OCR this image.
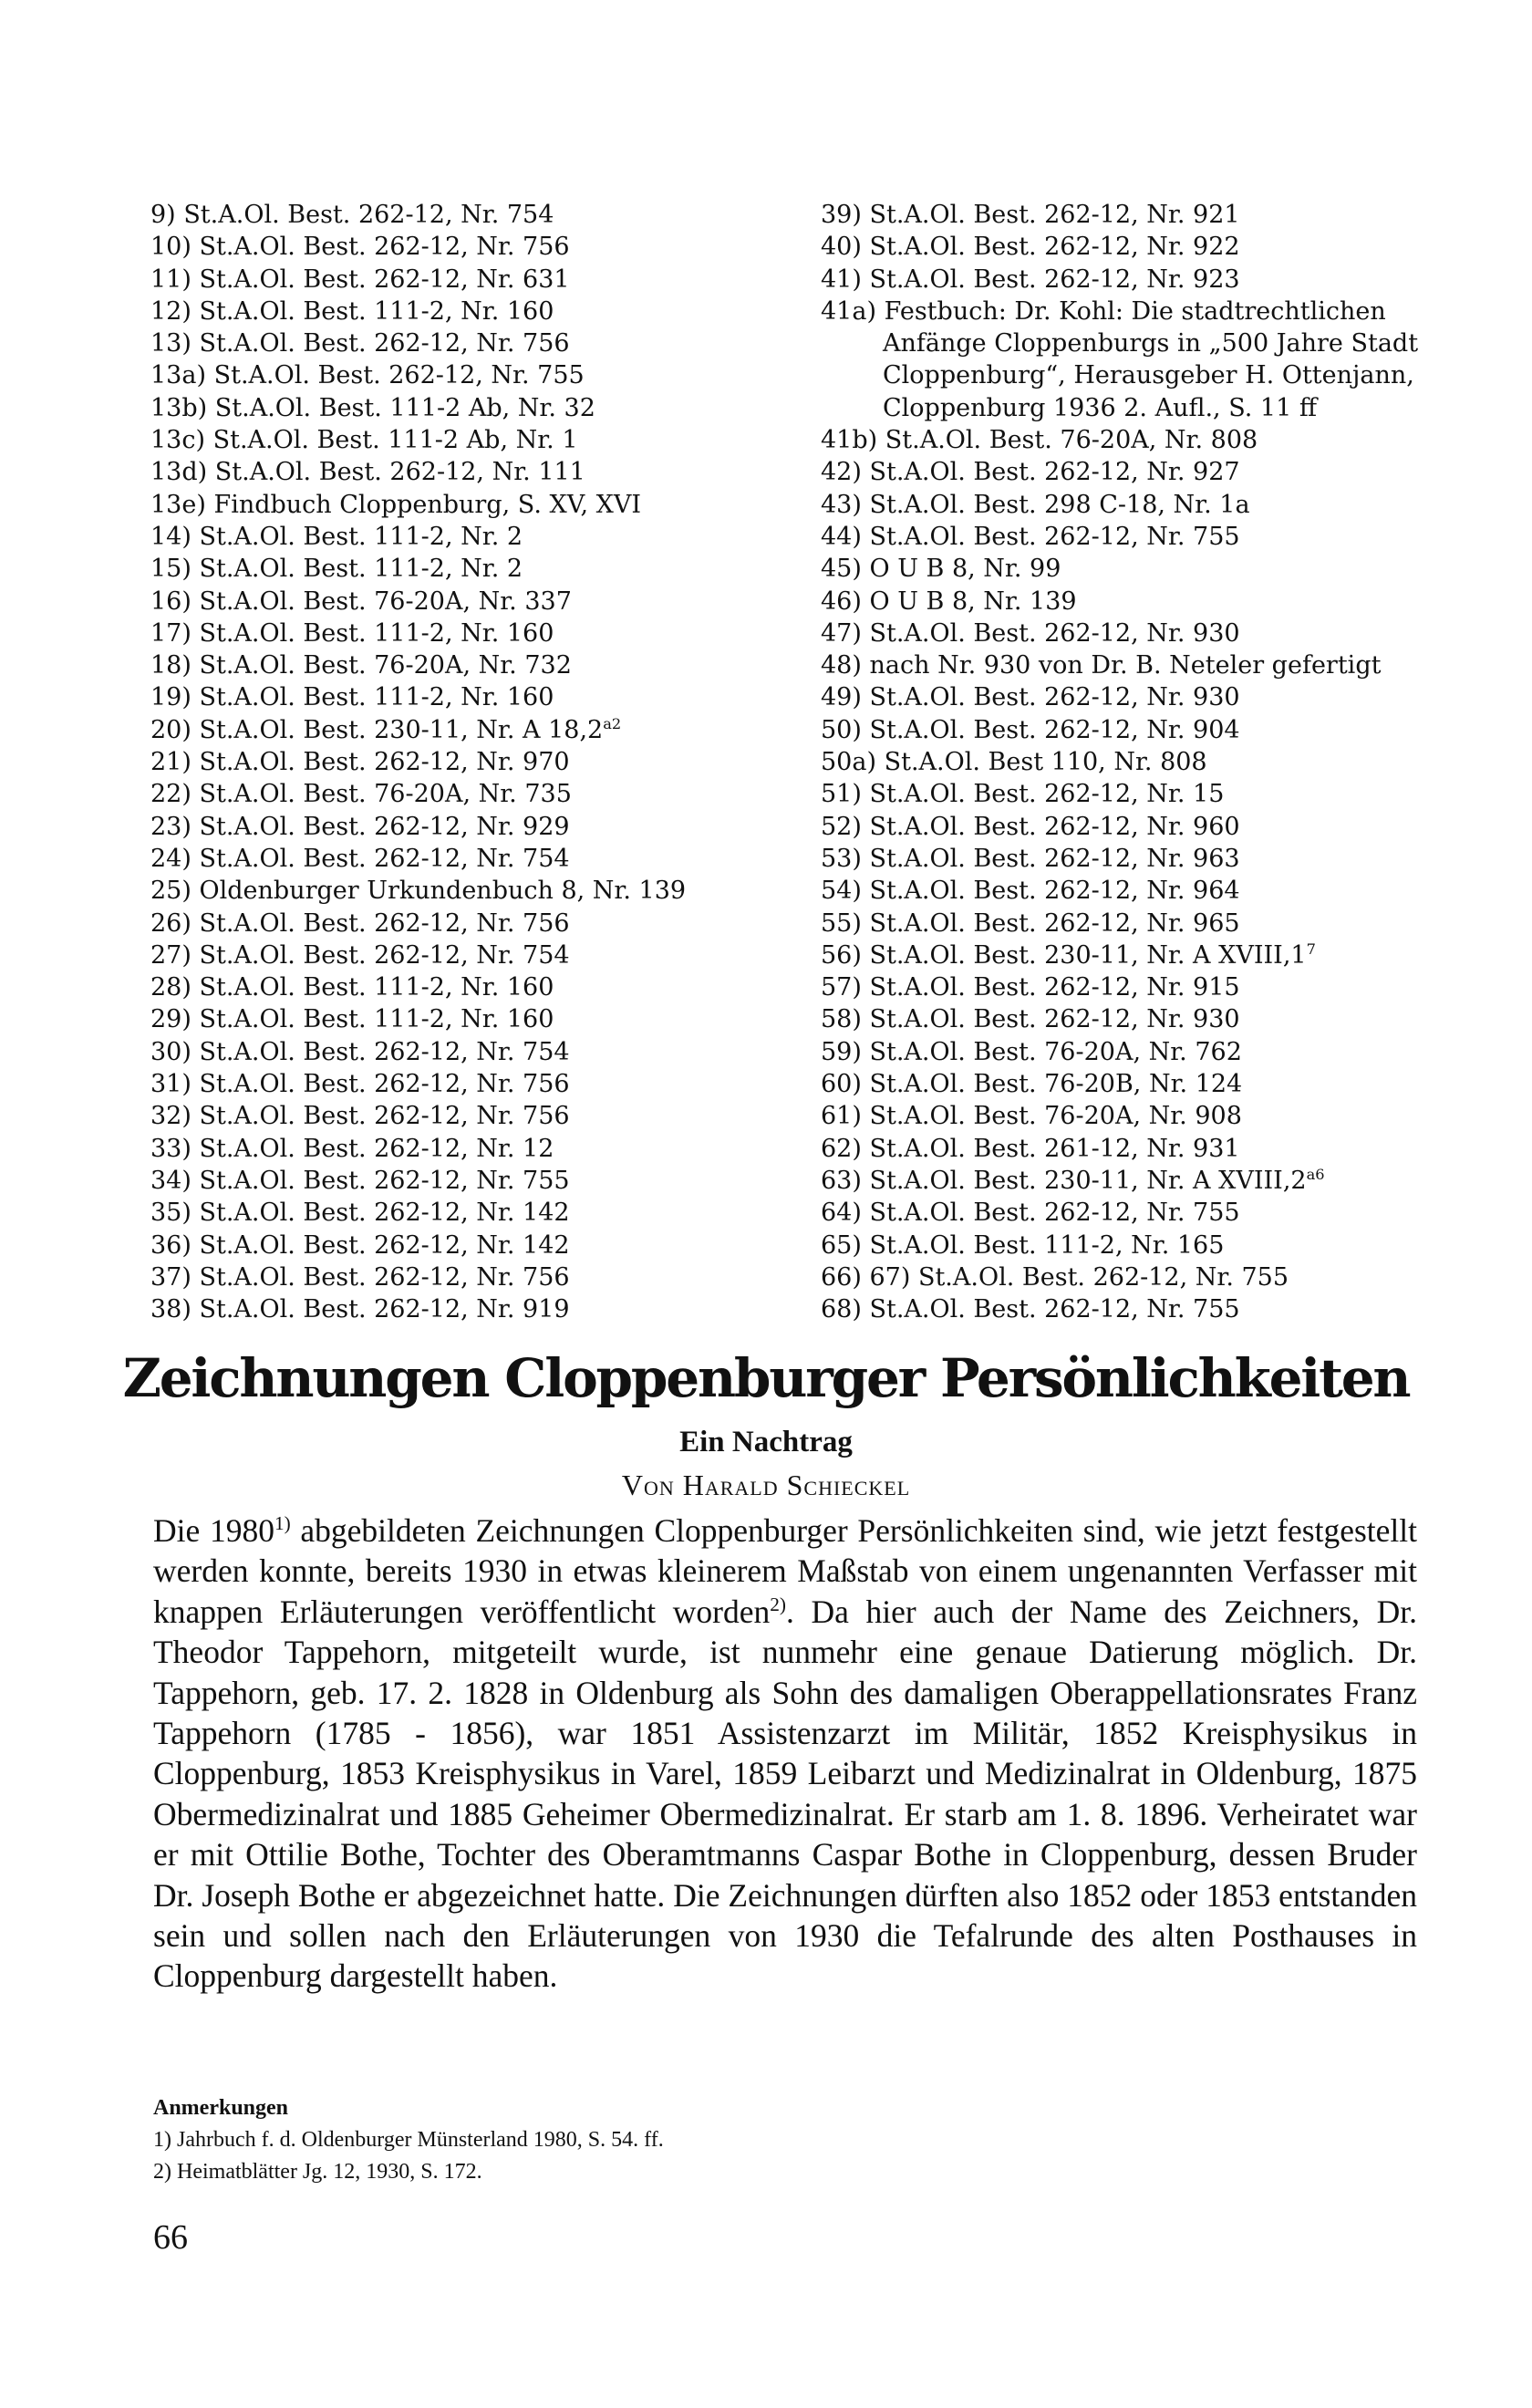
9) St.A.Ol. Best. 262-12, Nr. 754
10) St.A.Ol. Best. 262-12, Nr. 756
11) St.A.Ol. Best. 262-12, Nr. 631
12) St.A.Ol. Best. 111-2, Nr. 160
13) St.A.Ol. Best. 262-12, Nr. 756
13a) St.A.Ol. Best. 262-12, Nr. 755
13b) St.A.Ol. Best. 111-2 Ab, Nr. 32
13c) St.A.Ol. Best. 111-2 Ab, Nr. 1
13d) St.A.Ol. Best. 262-12, Nr. 111
13e) Findbuch Cloppenburg, S. XV, XVI
14) St.A.Ol. Best. 111-2, Nr. 2
15) St.A.Ol. Best. 111-2, Nr. 2
16) St.A.Ol. Best. 76-20A, Nr. 337
17) St.A.Ol. Best. 111-2, Nr. 160
18) St.A.Ol. Best. 76-20A, Nr. 732
19) St.A.Ol. Best. 111-2, Nr. 160
20) St.A.Ol. Best. 230-11, Nr. A $18,2^{a2}$
21) St.A.Ol. Best. 262-12, Nr. 970
22) St.A.Ol. Best. 76-20A, Nr. 735
23) St.A.Ol. Best. 262-12, Nr. 929
24) St.A.Ol. Best. 262-12, Nr. 754
25) Oldenburger Urkundenbuch 8, Nr. 139
26) St.A.Ol. Best. 262-12, Nr. 756
27) St.A.Ol. Best. 262-12, Nr. 754
28) St.A.Ol. Best. 111-2, Nr. 160
29) St.A.Ol. Best. 111-2, Nr. 160
30) St.A.Ol. Best. 262-12, Nr. 754
31) St.A.Ol. Best. 262-12, Nr. 756
32) St.A.Ol. Best. 262-12, Nr. 756
33) St.A.Ol. Best. 262-12, Nr. 12
34) St.A.Ol. Best. 262-12, Nr. 755
35) St.A.Ol. Best. 262-12, Nr. 142
36) St.A.Ol. Best. 262-12, Nr. 142
37) St.A.Ol. Best. 262-12, Nr. 756
38) St.A.Ol. Best. 262-12, Nr. 919
39) St.A.Ol. Best. 262-12, Nr. 921
40) St.A.Ol. Best. 262-12, Nr. 922
41) St.A.Ol. Best. 262-12, Nr. 923
41a) Festbuch: Dr. Kohl: Die stadtrechtlichen
Anfänge Cloppenburgs in „500 Jahre Stadt
Cloppenburg“, Herausgeber H. Ottenjann,
Cloppenburg 1936 2. Aufl., S. 11 ff
41b) St.A.Ol. Best. 76-20A, Nr. 808
42) St.A.Ol. Best. 262-12, Nr. 927
43) St.A.Ol. Best. 298 C-18, Nr. 1a
44) St.A.Ol. Best. 262-12, Nr. 755
45) O U B 8, Nr. 99
46) O U B 8, Nr. 139
47) St.A.Ol. Best. 262-12, Nr. 930
48) nach Nr. 930 von Dr. B. Neteler gefertigt
49) St.A.Ol. Best. 262-12, Nr. 930
50) St.A.Ol. Best. 262-12, Nr. 904
50a) St.A.Ol. Best 110, Nr. 808
51) St.A.Ol. Best. 262-12, Nr. 15
52) St.A.Ol. Best. 262-12, Nr. 960
53) St.A.Ol. Best. 262-12, Nr. 963
54) St.A.Ol. Best. 262-12, Nr. 964
55) St.A.Ol. Best. 262-12, Nr. 965
56) St.A.Ol. Best. 230-11, Nr. A $XVIII,1^7$
57) St.A.Ol. Best. 262-12, Nr. 915
58) St.A.Ol. Best. 262-12, Nr. 930
59) St.A.Ol. Best. 76-20A, Nr. 762
60) St.A.Ol. Best. 76-20B, Nr. 124
61) St.A.Ol. Best. 76-20A, Nr. 908
62) St.A.Ol. Best. 261-12, Nr. 931
63) St.A.Ol. Best. 230-11, Nr. A $XVIII,2^{a6}$
64) St.A.Ol. Best. 262-12, Nr. 755
65) St.A.Ol. Best. 111-2, Nr. 165
66) 67) St.A.Ol. Best. 262-12, Nr. 755
68) St.A.Ol. Best. 262-12, Nr. 755
Zeichnungen Cloppenburger Persönlichkeiten
Ein Nachtrag
Von Harald Schieckel
Die 1980$^{1)}$ abgebildeten Zeichnungen Cloppenburger Persönlichkeiten sind, wie jetzt festgestellt werden konnte, bereits 1930 in etwas kleinerem Maßstab von einem ungenannten Verfasser mit knappen Erläuterungen veröffentlicht worden$^{2)}$. Da hier auch der Name des Zeichners, Dr. Theodor Tappehorn, mitgeteilt wurde, ist nunmehr eine genaue Datierung möglich. Dr. Tappehorn, geb. 17. 2. 1828 in Oldenburg als Sohn des damaligen Oberappellationsrates Franz Tappehorn (1785 - 1856), war 1851 Assistenzarzt im Militär, 1852 Kreisphysikus in Cloppenburg, 1853 Kreisphysikus in Varel, 1859 Leibarzt und Medizinalrat in Oldenburg, 1875 Obermedizinalrat und 1885 Geheimer Obermedizinalrat. Er starb am 1. 8. 1896. Verheiratet war er mit Ottilie Bothe, Tochter des Oberamtmanns Caspar Bothe in Cloppenburg, dessen Bruder Dr. Joseph Bothe er abgezeichnet hatte. Die Zeichnungen dürften also 1852 oder 1853 entstanden sein und sollen nach den Erläuterungen von 1930 die Tefalrunde des alten Posthauses in Cloppenburg dargestellt haben.
Anmerkungen
1) Jahrbuch f. d. Oldenburger Münsterland 1980, S. 54. ff.
2) Heimatblätter Jg. 12, 1930, S. 172.
66
